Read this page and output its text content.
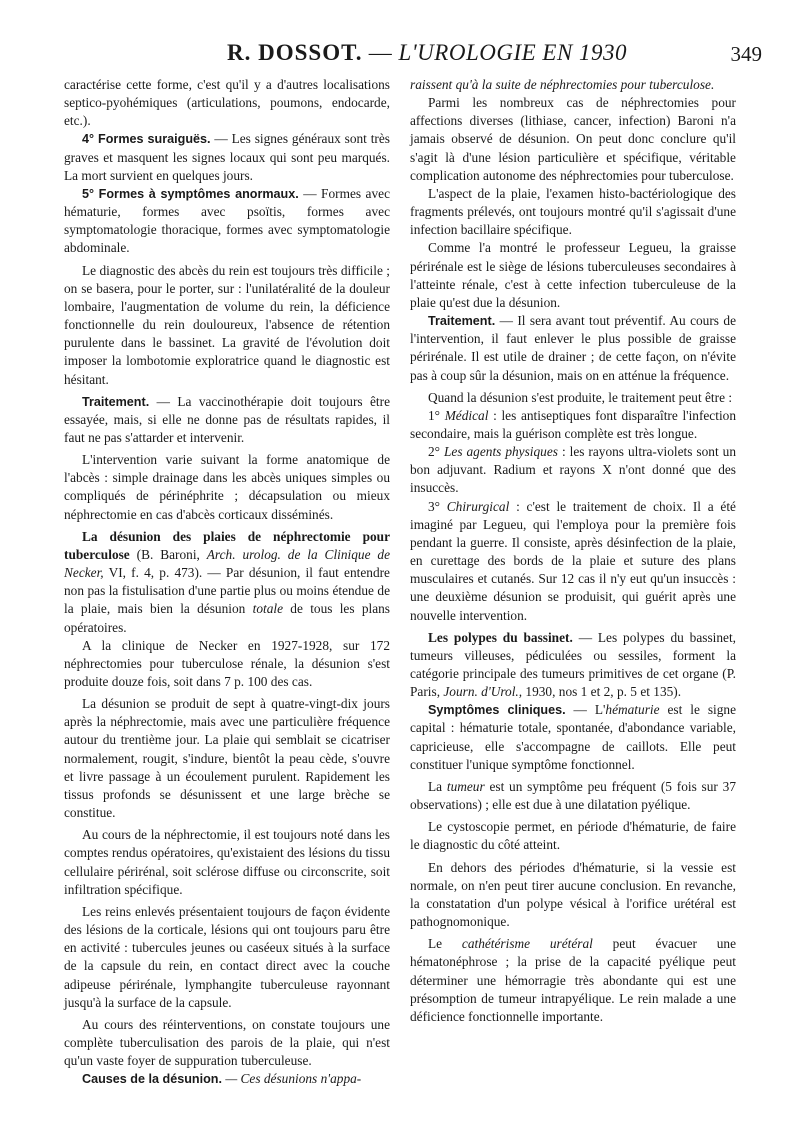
R. DOSSOT. — L'UROLOGIE EN 1930	349

caractérise cette forme, c'est qu'il y a d'autres localisations septico-pyohémiques (articulations, poumons, endocarde, etc.).

4° Formes suraiguës. — Les signes généraux sont très graves et masquent les signes locaux qui sont peu marqués. La mort survient en quelques jours.

5° Formes à symptômes anormaux. — Formes avec hématurie, formes avec psoïtis, formes avec symptomatologie thoracique, formes avec symptomatologie abdominale.

Le diagnostic des abcès du rein est toujours très difficile ; on se basera, pour le porter, sur : l'unilatéralité de la douleur lombaire, l'augmentation de volume du rein, la déficience fonctionnelle du rein douloureux, l'absence de rétention purulente dans le bassinet. La gravité de l'évolution doit imposer la lombotomie exploratrice quand le diagnostic est hésitant.

Traitement. — La vaccinothérapie doit toujours être essayée, mais, si elle ne donne pas de résultats rapides, il faut ne pas s'attarder et intervenir.

L'intervention varie suivant la forme anatomique de l'abcès : simple drainage dans les abcès uniques simples ou compliqués de périnéphrite ; décapsulation ou mieux néphrectomie en cas d'abcès corticaux disséminés.

La désunion des plaies de néphrectomie pour tuberculose (B. Baroni, Arch. urolog. de la Clinique de Necker, VI, f. 4, p. 473). — Par désunion, il faut entendre non pas la fistulisation d'une partie plus ou moins étendue de la plaie, mais bien la désunion totale de tous les plans opératoires.

A la clinique de Necker en 1927-1928, sur 172 néphrectomies pour tuberculose rénale, la désunion s'est produite douze fois, soit dans 7 p. 100 des cas.

La désunion se produit de sept à quatre-vingt-dix jours après la néphrectomie, mais avec une particulière fréquence autour du trentième jour. La plaie qui semblait se cicatriser normalement, rougit, s'indure, bientôt la peau cède, s'ouvre et livre passage à un écoulement purulent. Rapidement les tissus profonds se désunissent et une large brèche se constitue.

Au cours de la néphrectomie, il est toujours noté dans les comptes rendus opératoires, qu'existaient des lésions du tissu cellulaire périrénal, soit sclérose diffuse ou circonscrite, soit infiltration spécifique.

Les reins enlevés présentaient toujours de façon évidente des lésions de la corticale, lésions qui ont toujours paru être en activité : tubercules jeunes ou caséeux situés à la surface de la capsule du rein, en contact direct avec la couche adipeuse périrénale, lymphangite tuberculeuse rayonnant jusqu'à la surface de la capsule.

Au cours des réinterventions, on constate toujours une complète tuberculisation des parois de la plaie, qui n'est qu'un vaste foyer de suppuration tuberculeuse.

Causes de la désunion. — Ces désunions n'appa-

raissent qu'à la suite de néphrectomies pour tuberculose.

Parmi les nombreux cas de néphrectomies pour affections diverses (lithiase, cancer, infection) Baroni n'a jamais observé de désunion. On peut donc conclure qu'il s'agit là d'une lésion particulière et spécifique, véritable complication autonome des néphrectomies pour tuberculose.

L'aspect de la plaie, l'examen histo-bactériologique des fragments prélevés, ont toujours montré qu'il s'agissait d'une infection bacillaire spécifique.

Comme l'a montré le professeur Legueu, la graisse périrénale est le siège de lésions tuberculeuses secondaires à l'atteinte rénale, c'est à cette infection tuberculeuse de la plaie qu'est due la désunion.

Traitement. — Il sera avant tout préventif. Au cours de l'intervention, il faut enlever le plus possible de graisse périrénale. Il est utile de drainer ; de cette façon, on n'évite pas à coup sûr la désunion, mais on en atténue la fréquence.

Quand la désunion s'est produite, le traitement peut être :

1° Médical : les antiseptiques font disparaître l'infection secondaire, mais la guérison complète est très longue.

2° Les agents physiques : les rayons ultra-violets sont un bon adjuvant. Radium et rayons X n'ont donné que des insuccès.

3° Chirurgical : c'est le traitement de choix. Il a été imaginé par Legueu, qui l'employa pour la première fois pendant la guerre. Il consiste, après désinfection de la plaie, en curettage des bords de la plaie et suture des plans musculaires et cutanés. Sur 12 cas il n'y eut qu'un insuccès : une deuxième désunion se produisit, qui guérit après une nouvelle intervention.

Les polypes du bassinet. — Les polypes du bassinet, tumeurs villeuses, pédiculées ou sessiles, forment la catégorie principale des tumeurs primitives de cet organe (P. Paris, Journ. d'Urol., 1930, nos 1 et 2, p. 5 et 135).

Symptômes cliniques. — L'hématurie est le signe capital : hématurie totale, spontanée, d'abondance variable, capricieuse, elle s'accompagne de caillots. Elle peut constituer l'unique symptôme fonctionnel.

La tumeur est un symptôme peu fréquent (5 fois sur 37 observations) ; elle est due à une dilatation pyélique.

Le cystoscopie permet, en période d'hématurie, de faire le diagnostic du côté atteint.

En dehors des périodes d'hématurie, si la vessie est normale, on n'en peut tirer aucune conclusion. En revanche, la constatation d'un polype vésical à l'orifice urétéral est pathognomonique.

Le cathétérisme urétéral peut évacuer une hématonéphrose ; la prise de la capacité pyélique peut déterminer une hémorragie très abondante qui est une présomption de tumeur intrapyélique. Le rein malade a une déficience fonctionnelle importante.
